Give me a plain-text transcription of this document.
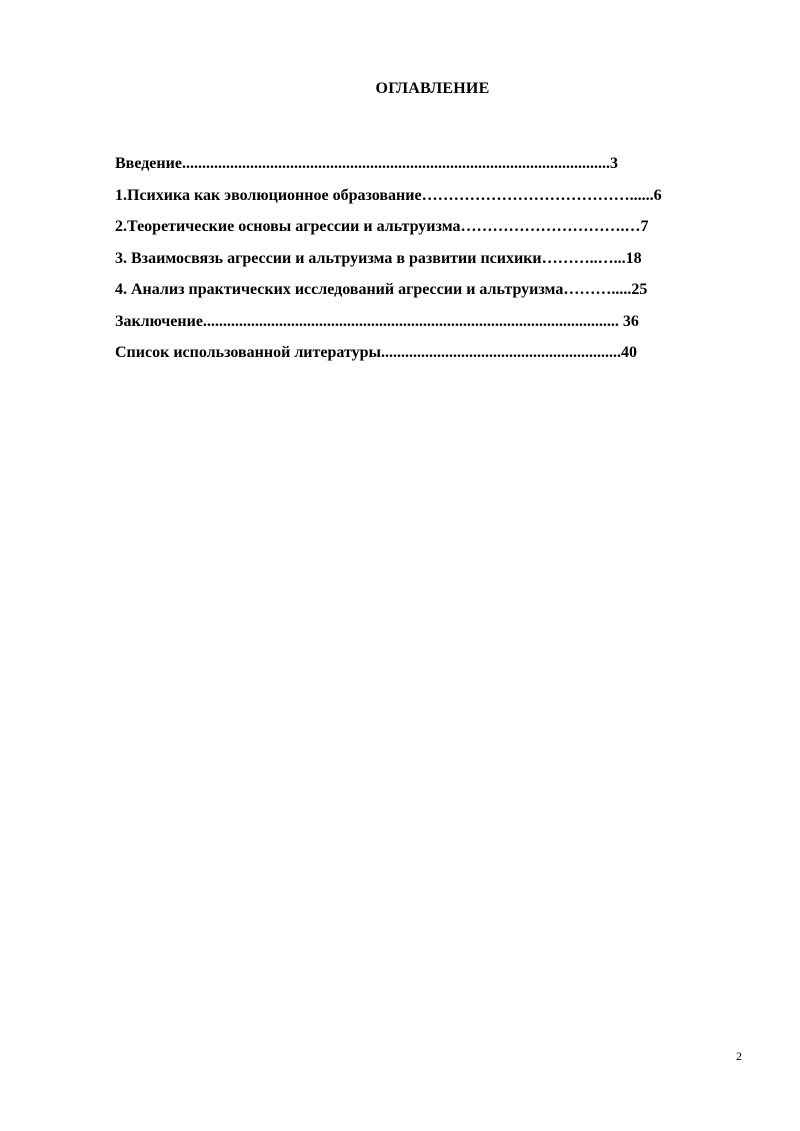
ОГЛАВЛЕНИЕ
Введение...........................................................................................................3
1.Психика как эволюционное образование…………………………………......6
2.Теоретические основы агрессии и альтруизма………………………….…7
3. Взаимосвязь агрессии и альтруизма в развитии психики………..…...18
4. Анализ практических исследований агрессии и альтруизма……….....25
Заключение........................................................................................................ 36
Список использованной литературы............................................................40
2
